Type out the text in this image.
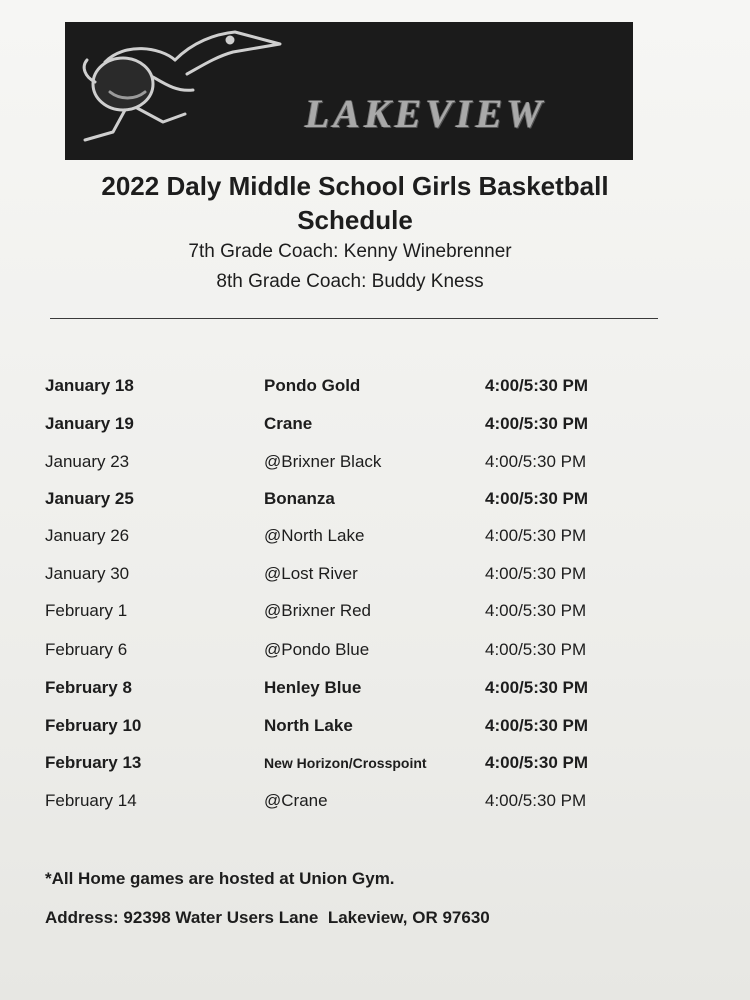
LAKEVIEW
2022 Daly Middle School Girls Basketball
Schedule
7th Grade Coach: Kenny Winebrenner
8th Grade Coach: Buddy Kness
January 18	Pondo Gold	4:00/5:30 PM
January 19	Crane	4:00/5:30 PM
January 23	@Brixner Black	4:00/5:30 PM
January 25	Bonanza	4:00/5:30 PM
January 26	@North Lake	4:00/5:30 PM
January 30	@Lost River	4:00/5:30 PM
February 1	@Brixner Red	4:00/5:30 PM
February 6	@Pondo Blue	4:00/5:30 PM
February 8	Henley Blue	4:00/5:30 PM
February 10	North Lake	4:00/5:30 PM
February 13	New Horizon/Crosspoint	4:00/5:30 PM
February 14	@Crane	4:00/5:30 PM
*All Home games are hosted at Union Gym.
Address: 92398 Water Users Lane  Lakeview, OR 97630
